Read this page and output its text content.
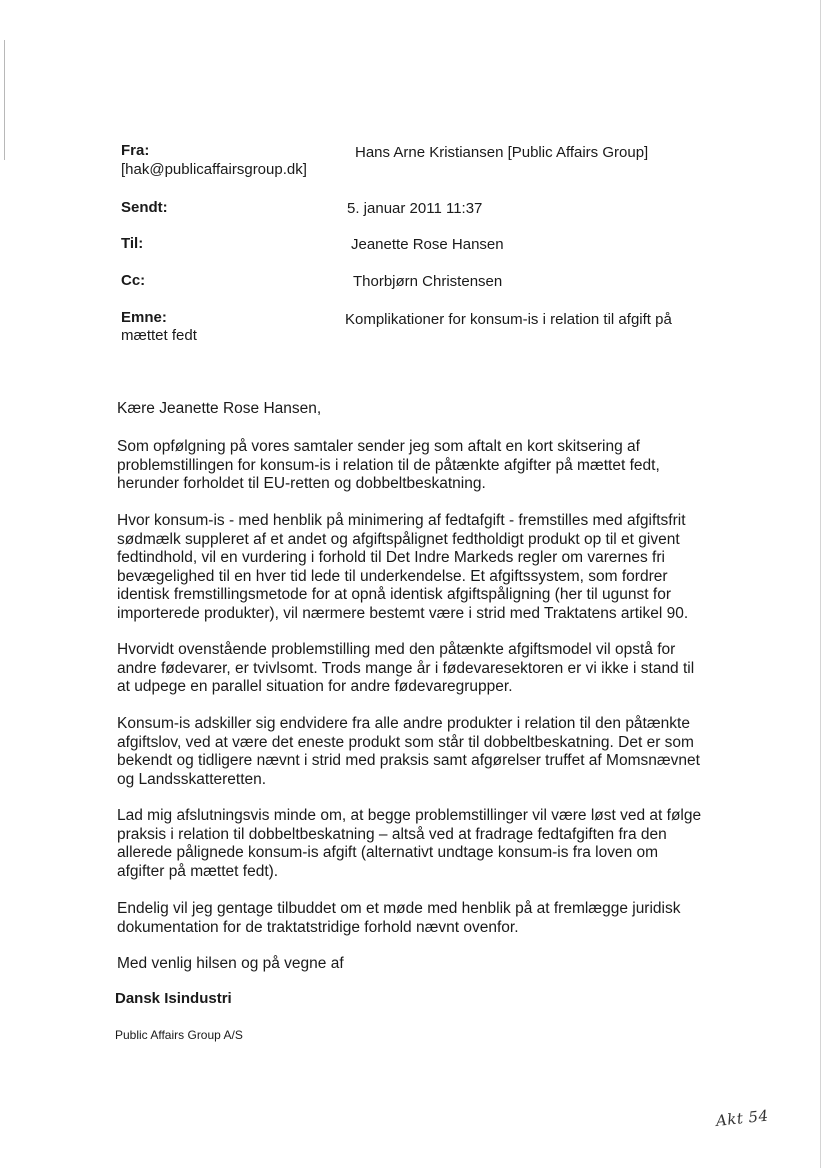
Fra:	Hans Arne Kristiansen [Public Affairs Group]
[hak@publicaffairsgroup.dk]
Sendt:	5. januar 2011 11:37
Til:	Jeanette Rose Hansen
Cc:	Thorbjørn Christensen
Emne:	Komplikationer for konsum-is i relation til afgift på
mættet fedt

Kære Jeanette Rose Hansen,

Som opfølgning på vores samtaler sender jeg som aftalt en kort skitsering af problemstillingen for konsum-is i relation til de påtænkte afgifter på mættet fedt, herunder forholdet til EU-retten og dobbeltbeskatning.

Hvor konsum-is - med henblik på minimering af fedtafgift - fremstilles med afgiftsfrit sødmælk suppleret af et andet og afgiftspålignet fedtholdigt produkt op til et givent fedtindhold, vil en vurdering i forhold til Det Indre Markeds regler om varernes fri bevægelighed til en hver tid lede til underkendelse. Et afgiftssystem, som fordrer identisk fremstillingsmetode for at opnå identisk afgiftspåligning (her til ugunst for importerede produkter), vil nærmere bestemt være i strid med Traktatens artikel 90.

Hvorvidt ovenstående problemstilling med den påtænkte afgiftsmodel vil opstå for andre fødevarer, er tvivlsomt. Trods mange år i fødevaresektoren er vi ikke i stand til at udpege en parallel situation for andre fødevaregrupper.

Konsum-is adskiller sig endvidere fra alle andre produkter i relation til den påtænkte afgiftslov, ved at være det eneste produkt som står til dobbeltbeskatning. Det er som bekendt og tidligere nævnt i strid med praksis samt afgørelser truffet af Momsnævnet og Landsskatteretten.

Lad mig afslutningsvis minde om, at begge problemstillinger vil være løst ved at følge praksis i relation til dobbeltbeskatning – altså ved at fradrage fedtafgiften fra den allerede pålignede konsum-is afgift (alternativt undtage konsum-is fra loven om afgifter på mættet fedt).

Endelig vil jeg gentage tilbuddet om et møde med henblik på at fremlægge juridisk dokumentation for de traktatstridige forhold nævnt ovenfor.

Med venlig hilsen og på vegne af

Dansk Isindustri
Public Affairs Group A/S
Akt 54
